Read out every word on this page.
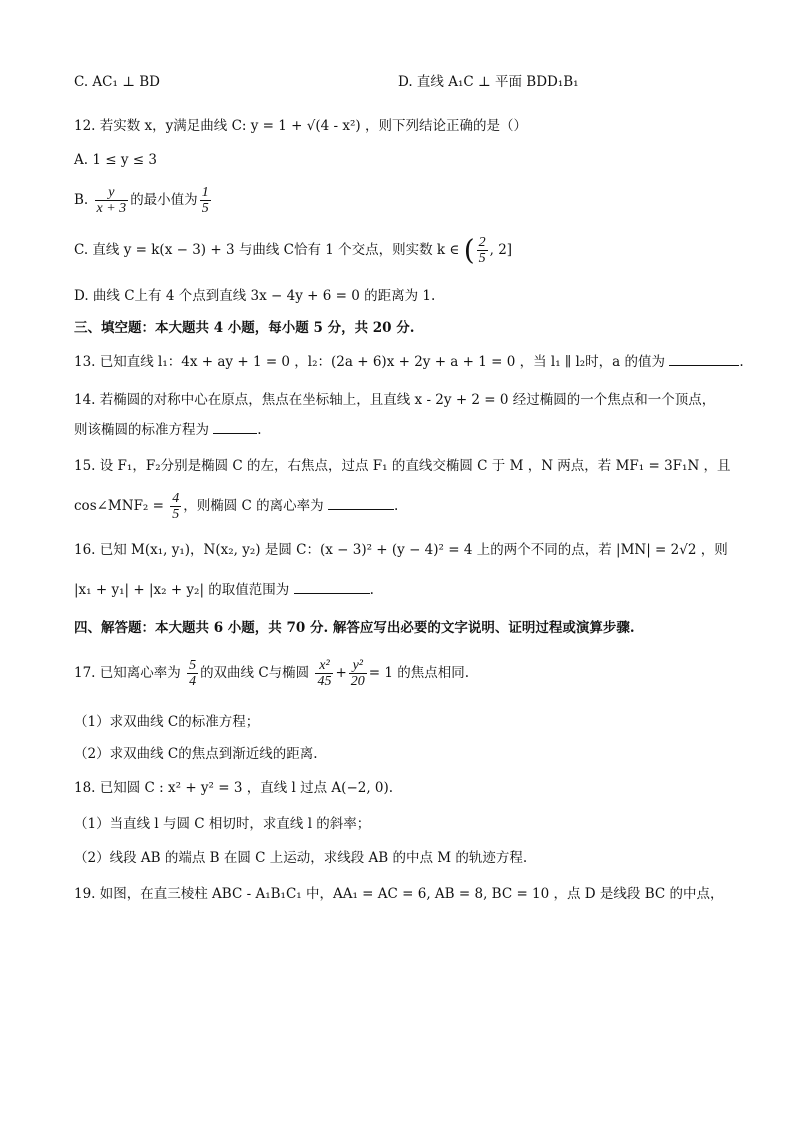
C. AC₁ ⊥ BD	D. 直线 A₁C ⊥ 平面 BDD₁B₁
12. 若实数 x，y满足曲线 C: y = 1 + √(4 - x²) ，则下列结论正确的是（）
A. 1 ≤ y ≤ 3
B. $\frac{y}{x + 3}$ 的最小值为 $\frac{1}{5}$
C. 直线 y = k(x − 3) + 3 与曲线 C恰有 1 个交点，则实数 k ∈ ( $\frac{2}{5}$ , 2]
D. 曲线 C上有 4 个点到直线 3x − 4y + 6 = 0 的距离为 1.
三、填空题：本大题共 4 小题，每小题 5 分，共 20 分.
13. 已知直线 l₁：4x + ay + 1 = 0 ，l₂：(2a + 6)x + 2y + a + 1 = 0 ，当 l₁ ∥ l₂时，a 的值为	.
14. 若椭圆的对称中心在原点，焦点在坐标轴上，且直线 x - 2y + 2 = 0 经过椭圆的一个焦点和一个顶点，
则该椭圆的标准方程为	.
15. 设 F₁，F₂分别是椭圆 C 的左，右焦点，过点 F₁ 的直线交椭圆 C 于 M ，N 两点，若 MF₁ = 3F₁N ，且
cos∠MNF₂ = $\frac{4}{5}$ ，则椭圆 C 的离心率为	.
16. 已知 M(x₁, y₁)，N(x₂, y₂) 是圆 C：(x − 3)² + (y − 4)² = 4 上的两个不同的点，若 |MN| = 2√2 ，则
|x₁ + y₁| + |x₂ + y₂| 的取值范围为	.
四、解答题：本大题共 6 小题，共 70 分. 解答应写出必要的文字说明、证明过程或演算步骤.
17. 已知离心率为 $\frac{5}{4}$ 的双曲线 C与椭圆 $\frac{\text{x²}}{45} + \frac{\text{y²}}{20} = 1$ 的焦点相同.
（1）求双曲线 C的标准方程；
（2）求双曲线 C的焦点到渐近线的距离.
18. 已知圆 C : x² + y² = 3 ，直线 l 过点 A(−2, 0).
（1）当直线 l 与圆 C 相切时，求直线 l 的斜率；
（2）线段 AB 的端点 B 在圆 C 上运动，求线段 AB 的中点 M 的轨迹方程.
19. 如图，在直三棱柱 ABC - A₁B₁C₁ 中，AA₁ = AC = 6, AB = 8, BC = 10 ，点 D 是线段 BC 的中点，
